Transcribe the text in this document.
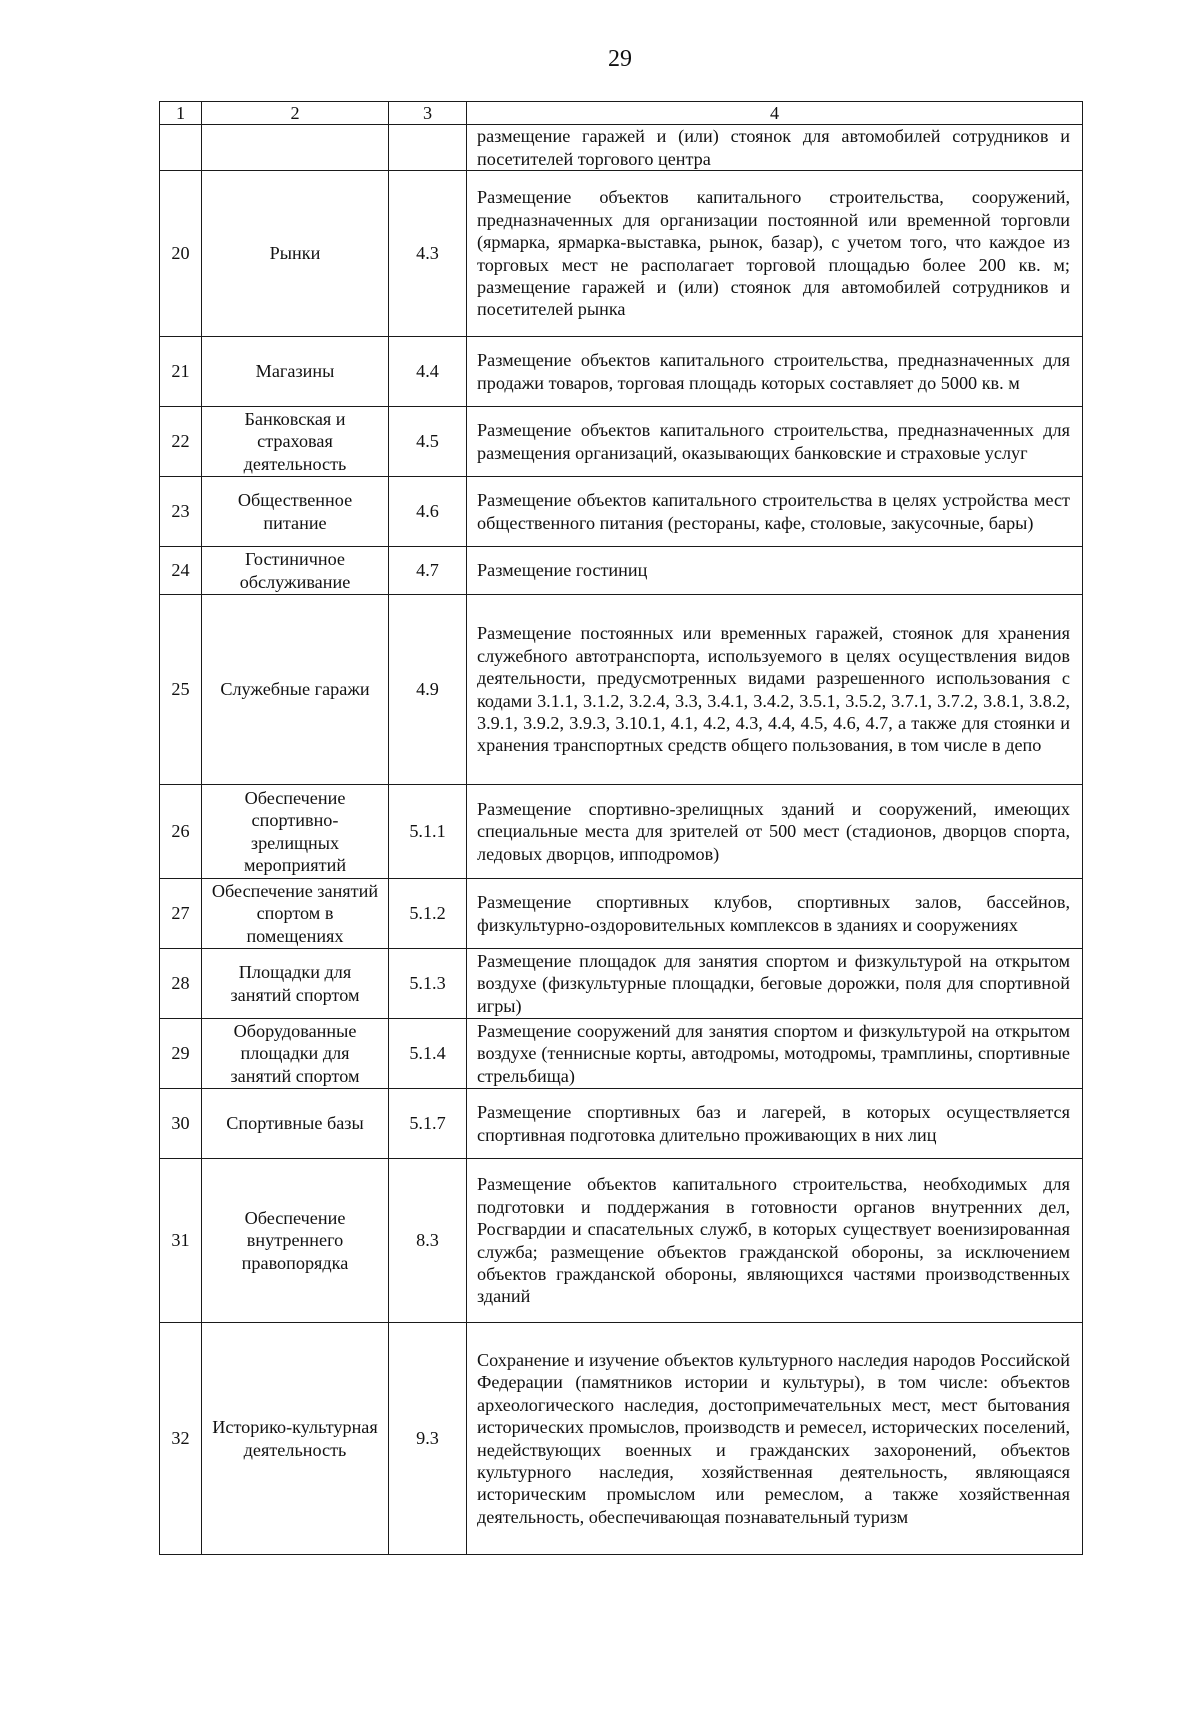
29
1	2	3	4
			размещение гаражей и (или) стоянок для автомобилей сотрудников и посетителей торгового центра
20	Рынки	4.3	Размещение объектов капитального строительства, сооружений, предназначенных для организации постоянной или временной торговли (ярмарка, ярмарка-выставка, рынок, базар), с учетом того, что каждое из торговых мест не располагает торговой площадью более 200 кв. м; размещение гаражей и (или) стоянок для автомобилей сотрудников и посетителей рынка
21	Магазины	4.4	Размещение объектов капитального строительства, предназначенных для продажи товаров, торговая площадь которых составляет до 5000 кв. м
22	Банковская и страховая деятельность	4.5	Размещение объектов капитального строительства, предназначенных для размещения организаций, оказывающих банковские и страховые услуг
23	Общественное питание	4.6	Размещение объектов капитального строительства в целях устройства мест общественного питания (рестораны, кафе, столовые, закусочные, бары)
24	Гостиничное обслуживание	4.7	Размещение гостиниц
25	Служебные гаражи	4.9	Размещение постоянных или временных гаражей, стоянок для хранения служебного автотранспорта, используемого в целях осуществления видов деятельности, предусмотренных видами разрешенного использования с кодами 3.1.1, 3.1.2, 3.2.4, 3.3, 3.4.1, 3.4.2, 3.5.1, 3.5.2, 3.7.1, 3.7.2, 3.8.1, 3.8.2, 3.9.1, 3.9.2, 3.9.3, 3.10.1, 4.1, 4.2, 4.3, 4.4, 4.5, 4.6, 4.7, а также для стоянки и хранения транспортных средств общего пользования, в том числе в депо
26	Обеспечение спортивно-зрелищных мероприятий	5.1.1	Размещение спортивно-зрелищных зданий и сооружений, имеющих специальные места для зрителей от 500 мест (стадионов, дворцов спорта, ледовых дворцов, ипподромов)
27	Обеспечение занятий спортом в помещениях	5.1.2	Размещение спортивных клубов, спортивных залов, бассейнов, физкультурно-оздоровительных комплексов в зданиях и сооружениях
28	Площадки для занятий спортом	5.1.3	Размещение площадок для занятия спортом и физкультурой на открытом воздухе (физкультурные площадки, беговые дорожки, поля для спортивной игры)
29	Оборудованные площадки для занятий спортом	5.1.4	Размещение сооружений для занятия спортом и физкультурой на открытом воздухе (теннисные корты, автодромы, мотодромы, трамплины, спортивные стрельбища)
30	Спортивные базы	5.1.7	Размещение спортивных баз и лагерей, в которых осуществляется спортивная подготовка длительно проживающих в них лиц
31	Обеспечение внутреннего правопорядка	8.3	Размещение объектов капитального строительства, необходимых для подготовки и поддержания в готовности органов внутренних дел, Росгвардии и спасательных служб, в которых существует военизированная служба; размещение объектов гражданской обороны, за исключением объектов гражданской обороны, являющихся частями производственных зданий
32	Историко-культурная деятельность	9.3	Сохранение и изучение объектов культурного наследия народов Российской Федерации (памятников истории и культуры), в том числе: объектов археологического наследия, достопримечательных мест, мест бытования исторических промыслов, производств и ремесел, исторических поселений, недействующих военных и гражданских захоронений, объектов культурного наследия, хозяйственная деятельность, являющаяся историческим промыслом или ремеслом, а также хозяйственная деятельность, обеспечивающая познавательный туризм
